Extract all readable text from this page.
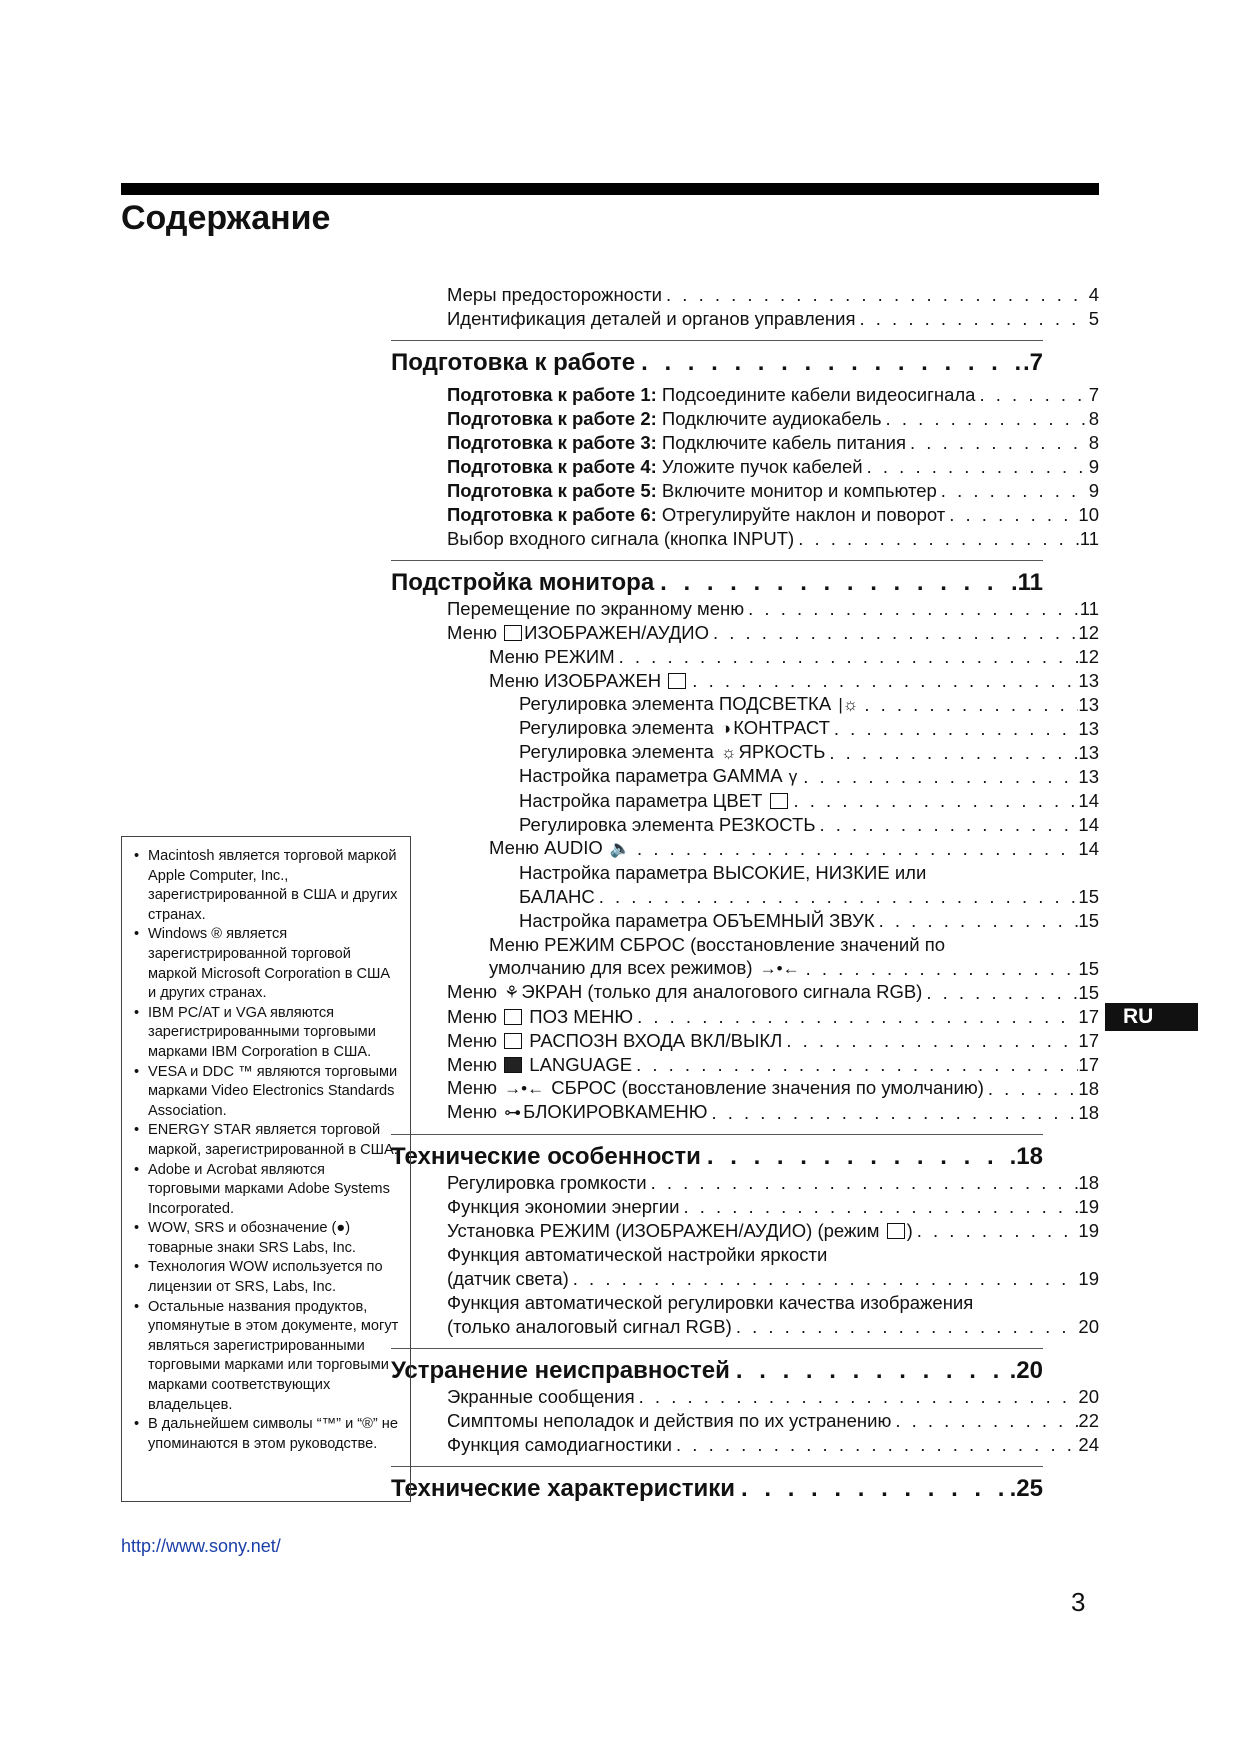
Содержание
Меры предосторожности . . .	4
Идентификация деталей и органов управления . . .	5
Подготовка к работе . . .	.7
Подготовка к работе 1: Подсоедините кабели видеосигнала . . .	7
Подготовка к работе 2: Подключите аудиокабель . . .	8
Подготовка к работе 3: Подключите кабель питания . . .	8
Подготовка к работе 4: Уложите пучок кабелей . . .	9
Подготовка к работе 5: Включите монитор и компьютер . . .	9
Подготовка к работе 6: Отрегулируйте наклон и поворот . . .	10
Выбор входного сигнала (кнопка INPUT) . . .	11
Подстройка монитора . . .	.11
Перемещение по экранному меню . . .	11
Меню ИЗОБРАЖЕН/АУДИО . . .	12
Меню РЕЖИМ . . .	12
Меню ИЗОБРАЖЕН . . .	13
Регулировка элемента ПОДСВЕТКА |☼ . . .	13
Регулировка элемента ◑ КОНТРАСТ . . .	13
Регулировка элемента ☼ ЯРКОСТЬ . . .	13
Настройка параметра GAMMA γ . . .	13
Настройка параметра ЦВЕТ . . .	14
Регулировка элемента РЕЗКОСТЬ . . .	14
Меню AUDIO 🔈 . . .	14
Настройка параметра ВЫСОКИЕ, НИЗКИЕ или
БАЛАНС . . .	15
Настройка параметра ОБЪЕМНЫЙ ЗВУК . . .	15
Меню РЕЖИМ СБРОС (восстановление значений по
умолчанию для всех режимов) →•← . . .	15
Меню ⚘ ЭКРАН (только для аналогового сигнала RGB) . . .	15
Меню ПОЗ МЕНЮ . . .	17
Меню РАСПОЗН ВХОДА ВКЛ/ВЫКЛ . . .	17
Меню LANGUAGE . . .	17
Меню →•← СБРОС (восстановление значения по умолчанию) . . .	18
Меню ⊶ БЛОКИРОВКАМЕНЮ . . .	18
Технические особенности . . .	.18
Регулировка громкости . . .	18
Функция экономии энергии . . .	19
Установка РЕЖИМ (ИЗОБРАЖЕН/АУДИО) (режим ) . . .	19
Функция автоматической настройки яркости
(датчик света) . . .	19
Функция автоматической регулировки качества изображения
(только аналоговый сигнал RGB) . . .	20
Устранение неисправностей . . .	.20
Экранные сообщения . . .	20
Симптомы неполадок и действия по их устранению . . .	22
Функция самодиагностики . . .	24
Технические характеристики . . .	.25
• Macintosh является торговой маркой Apple Computer, Inc., зарегистрированной в США и других странах.
• Windows ® является зарегистрированной торговой маркой Microsoft Corporation в США и других странах.
• IBM PC/AT и VGA являются зарегистрированными торговыми марками IBM Corporation в США.
• VESA и DDC ™ являются торговыми марками Video Electronics Standards Association.
• ENERGY STAR является торговой маркой, зарегистрированной в США.
• Adobe и Acrobat являются торговыми марками Adobe Systems Incorporated.
• WOW, SRS и обозначение (●) товарные знаки SRS Labs, Inc.
• Технология WOW используется по лицензии от SRS, Labs, Inc.
• Остальные названия продуктов, упомянутые в этом документе, могут являться зарегистрированными торговыми марками или торговыми марками соответствующих владельцев.
• В дальнейшем символы “™” и “®” не упоминаются в этом руководстве.
http://www.sony.net/
RU
3
